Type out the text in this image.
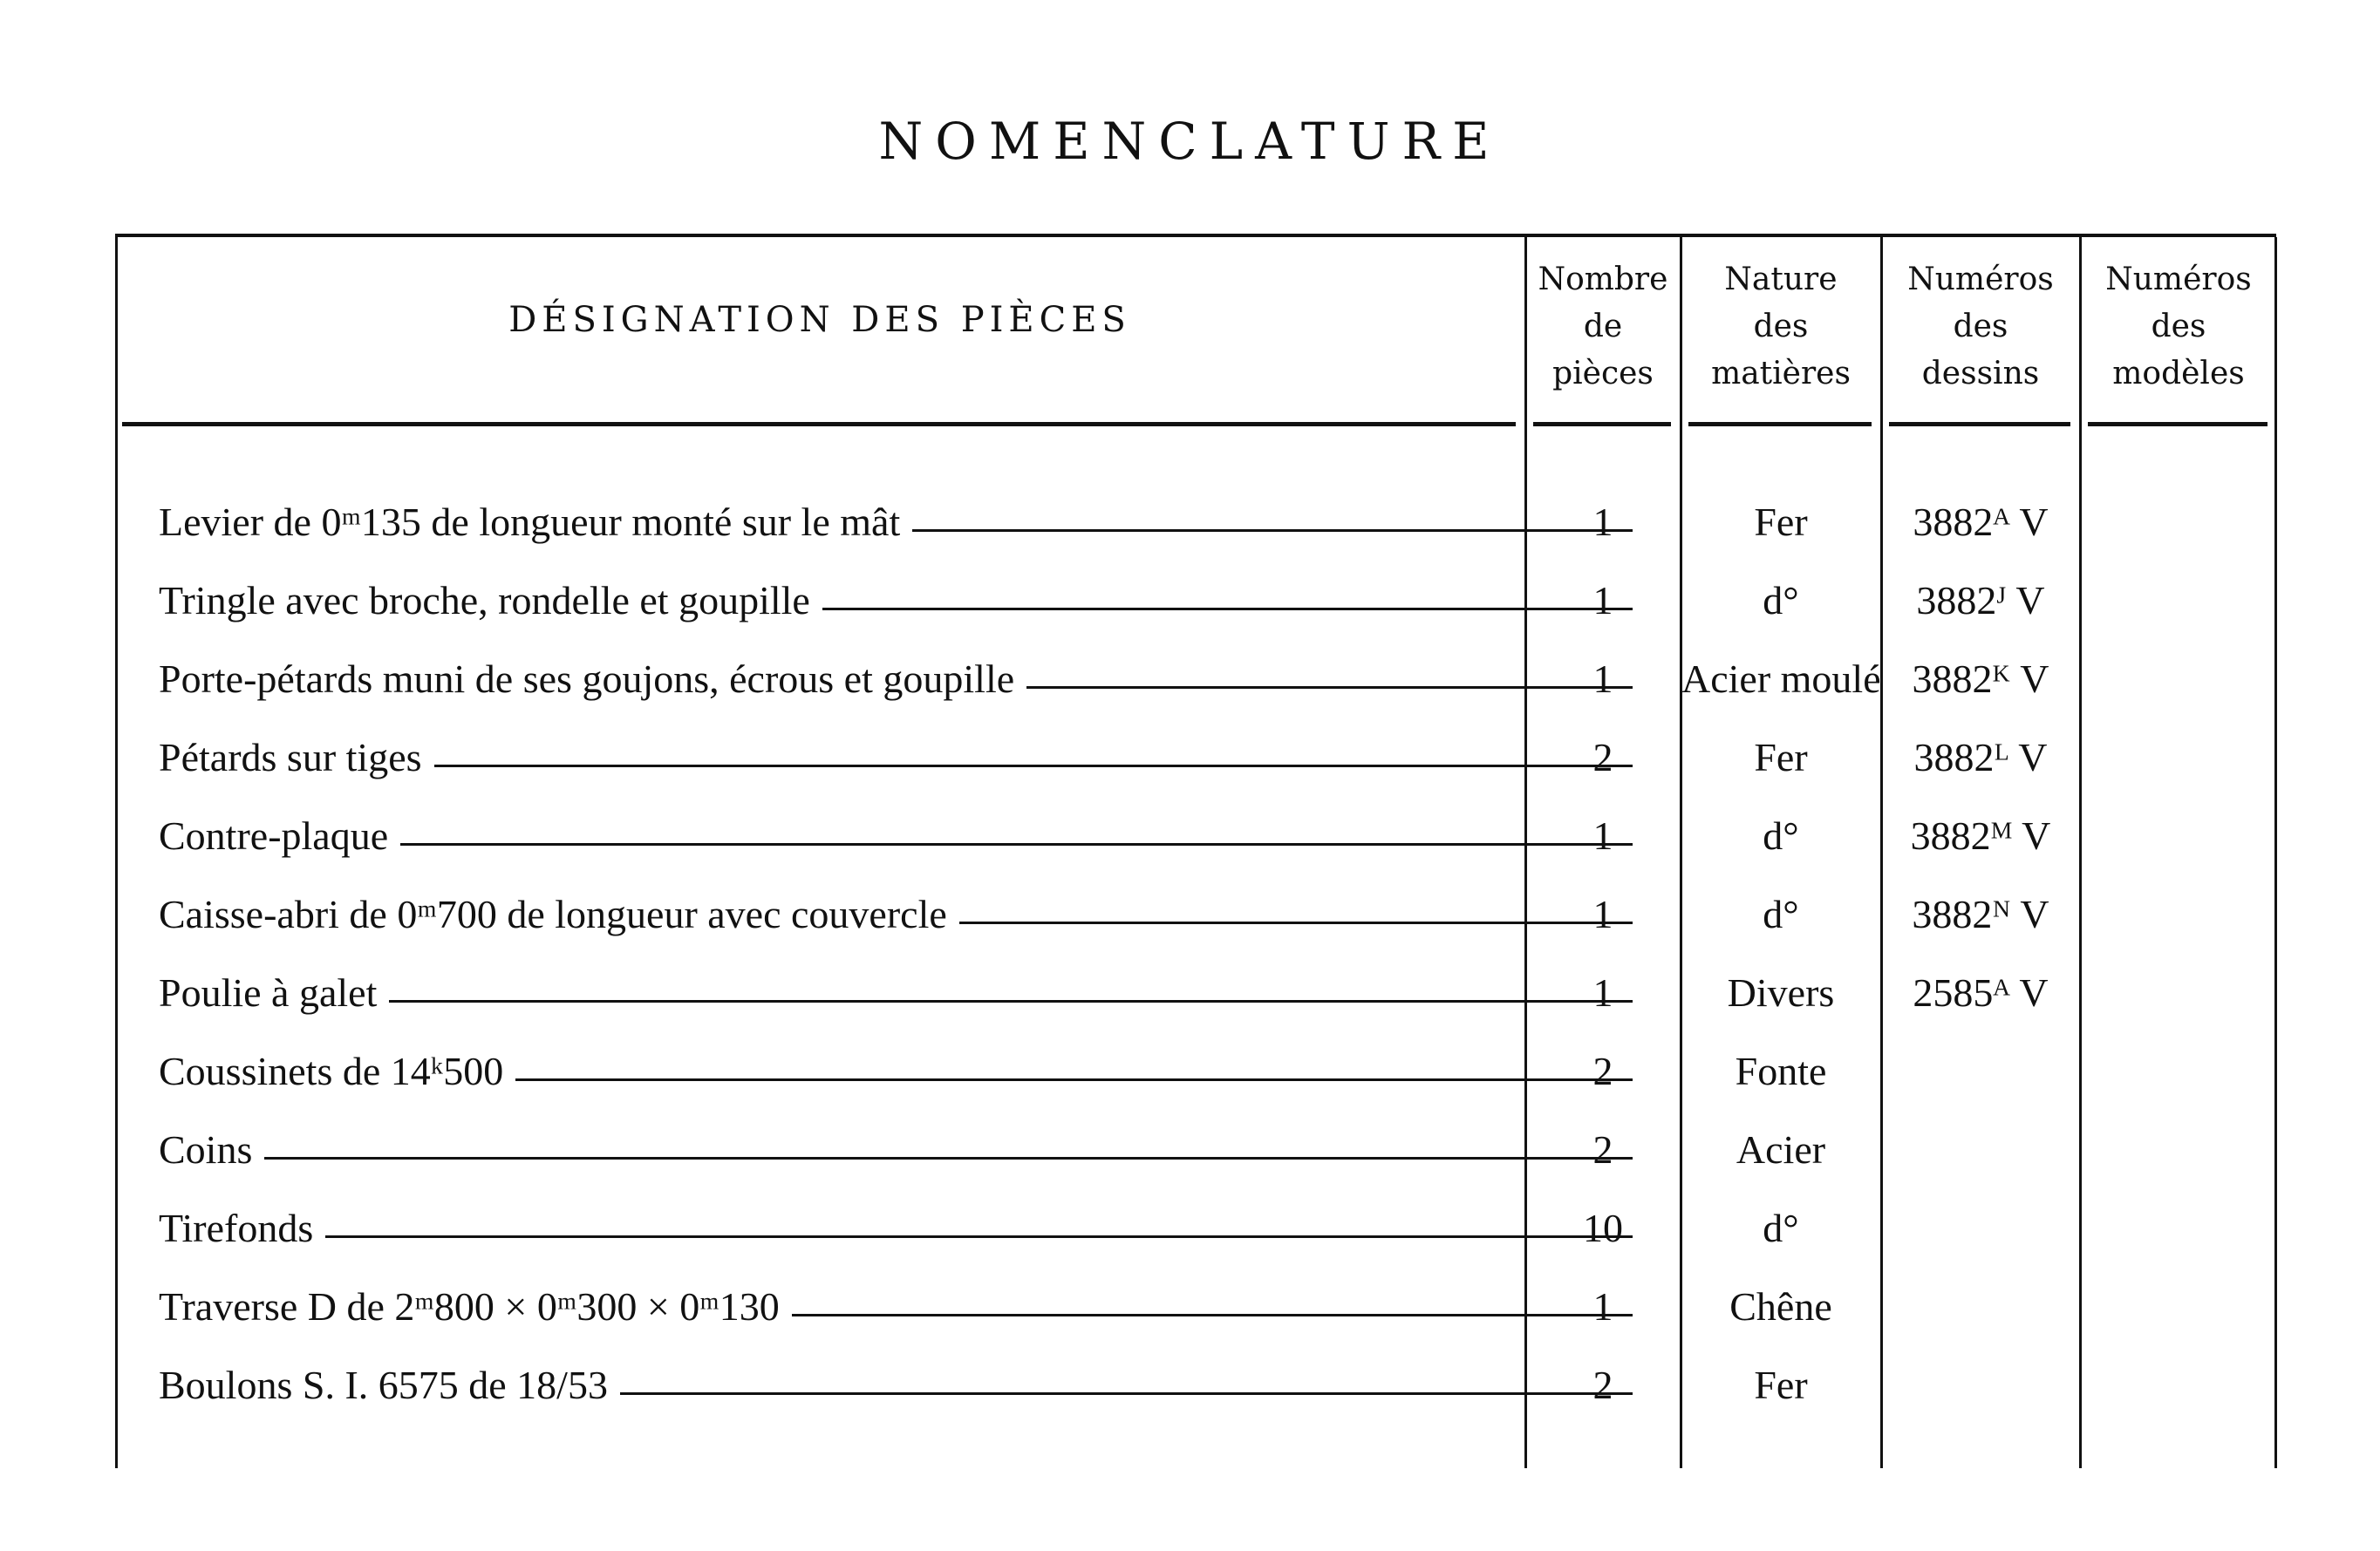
NOMENCLATURE
DÉSIGNATION DES PIÈCES
Nombre
de
pièces
Nature
des
matières
Numéros
des
dessins
Numéros
des
modèles
Levier de 0ᵐ135 de longueur monté sur le mât	1	Fer	3882ᴬ V
Tringle avec broche, rondelle et goupille	1	d°	3882ᴶ V
Porte-pétards muni de ses goujons, écrous et goupille	1	Acier moulé 3882ᴷ V
Pétards sur tiges	2	Fer	3882ᴸ V
Contre-plaque	1	d°	3882ᴹ V
Caisse-abri de 0ᵐ700 de longueur avec couvercle	1	d°	3882ᴺ V
Poulie à galet	1	Divers	2585ᴬ V
Coussinets de 14ᵏ500	2	Fonte
Coins	2	Acier
Tirefonds	10	d°
Traverse D de 2ᵐ800 × 0ᵐ300 × 0ᵐ130	1	Chêne
Boulons S. I. 6575 de 18/53	2	Fer
